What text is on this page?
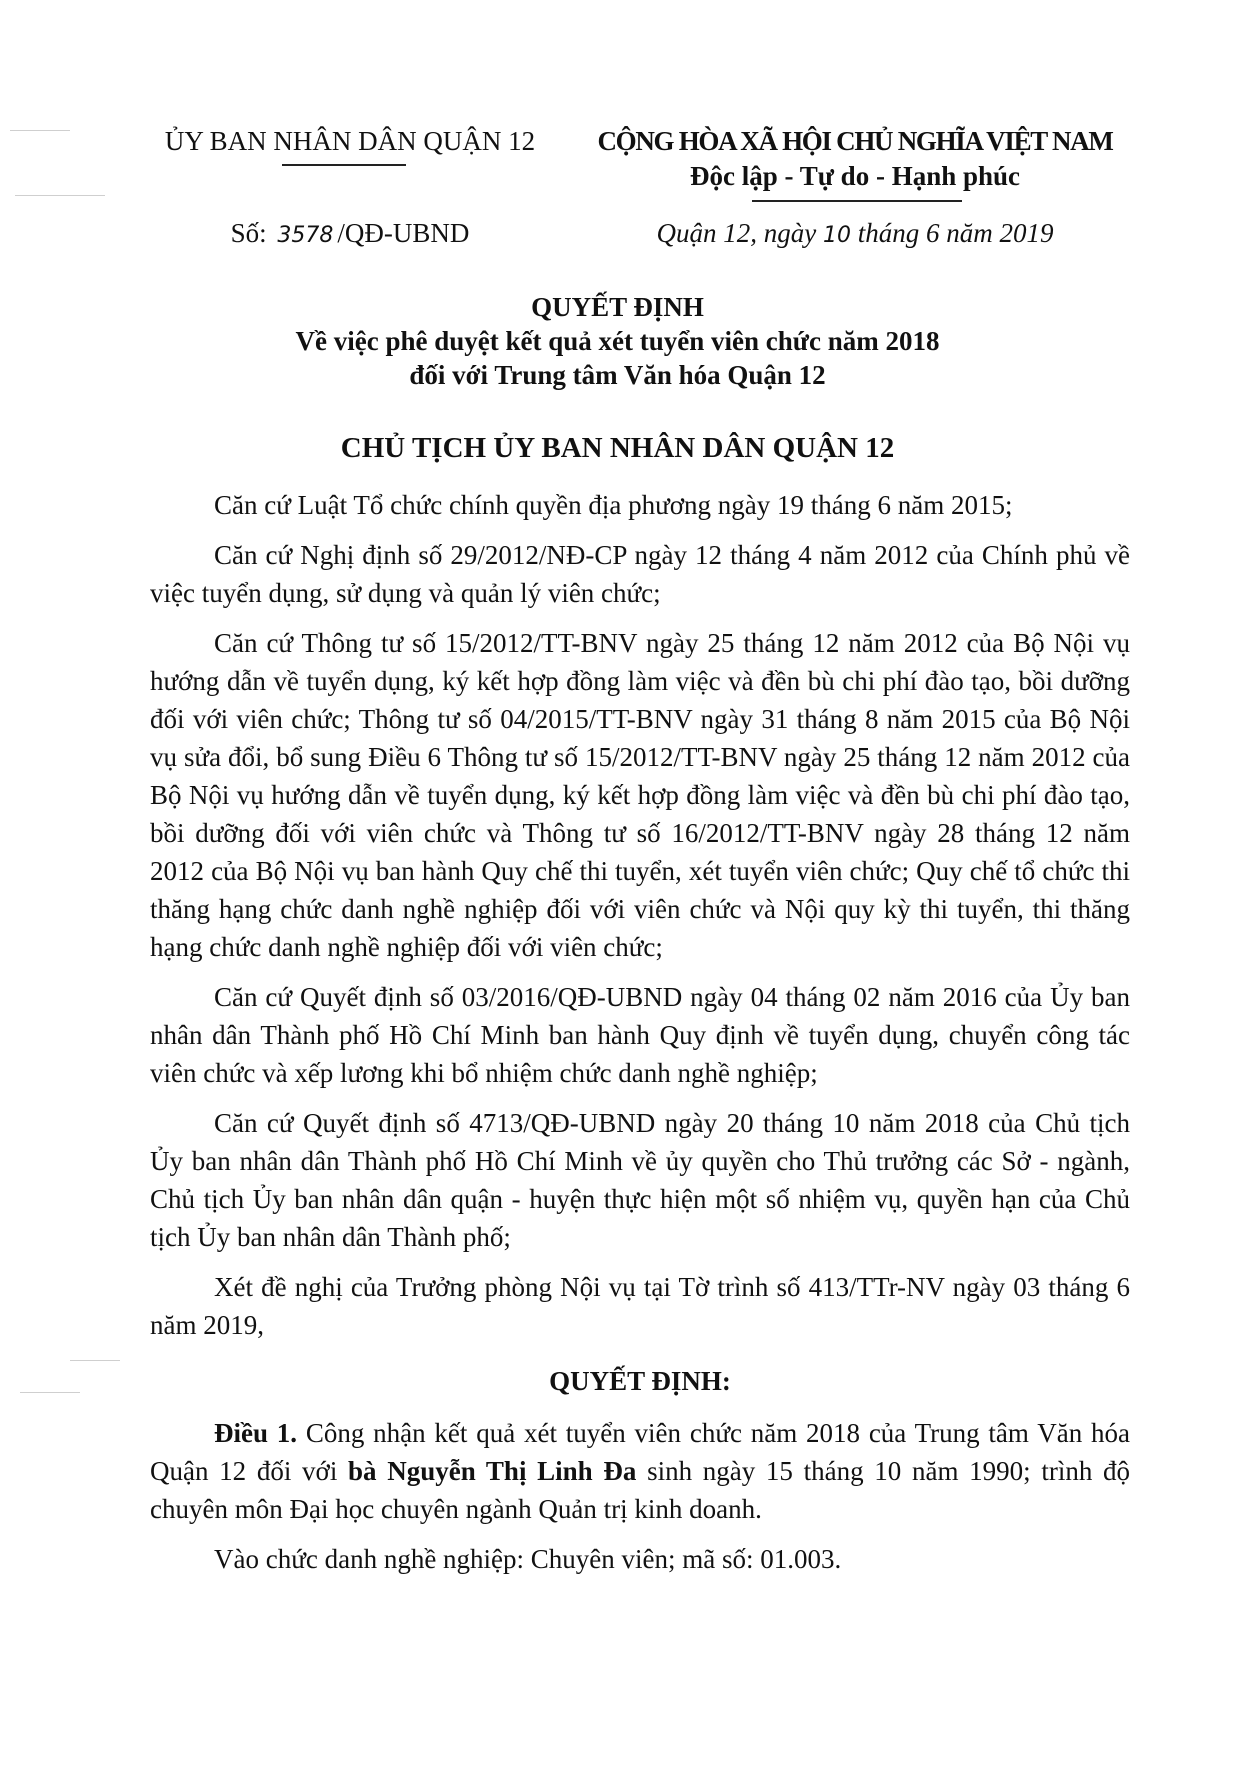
ỦY BAN NHÂN DÂN QUẬN 12	CỘNG HÒA XÃ HỘI CHỦ NGHĨA VIỆT NAM
Độc lập - Tự do - Hạnh phúc
Số: 3578 /QĐ-UBND	Quận 12, ngày 10 tháng 6 năm 2019
QUYẾT ĐỊNH
Về việc phê duyệt kết quả xét tuyển viên chức năm 2018
đối với Trung tâm Văn hóa Quận 12
CHỦ TỊCH ỦY BAN NHÂN DÂN QUẬN 12

Căn cứ Luật Tổ chức chính quyền địa phương ngày 19 tháng 6 năm 2015;

Căn cứ Nghị định số 29/2012/NĐ-CP ngày 12 tháng 4 năm 2012 của Chính phủ về việc tuyển dụng, sử dụng và quản lý viên chức;

Căn cứ Thông tư số 15/2012/TT-BNV ngày 25 tháng 12 năm 2012 của Bộ Nội vụ hướng dẫn về tuyển dụng, ký kết hợp đồng làm việc và đền bù chi phí đào tạo, bồi dưỡng đối với viên chức; Thông tư số 04/2015/TT-BNV ngày 31 tháng 8 năm 2015 của Bộ Nội vụ sửa đổi, bổ sung Điều 6 Thông tư số 15/2012/TT-BNV ngày 25 tháng 12 năm 2012 của Bộ Nội vụ hướng dẫn về tuyển dụng, ký kết hợp đồng làm việc và đền bù chi phí đào tạo, bồi dưỡng đối với viên chức và Thông tư số 16/2012/TT-BNV ngày 28 tháng 12 năm 2012 của Bộ Nội vụ ban hành Quy chế thi tuyển, xét tuyển viên chức; Quy chế tổ chức thi thăng hạng chức danh nghề nghiệp đối với viên chức và Nội quy kỳ thi tuyển, thi thăng hạng chức danh nghề nghiệp đối với viên chức;

Căn cứ Quyết định số 03/2016/QĐ-UBND ngày 04 tháng 02 năm 2016 của Ủy ban nhân dân Thành phố Hồ Chí Minh ban hành Quy định về tuyển dụng, chuyển công tác viên chức và xếp lương khi bổ nhiệm chức danh nghề nghiệp;

Căn cứ Quyết định số 4713/QĐ-UBND ngày 20 tháng 10 năm 2018 của Chủ tịch Ủy ban nhân dân Thành phố Hồ Chí Minh về ủy quyền cho Thủ trưởng các Sở - ngành, Chủ tịch Ủy ban nhân dân quận - huyện thực hiện một số nhiệm vụ, quyền hạn của Chủ tịch Ủy ban nhân dân Thành phố;

Xét đề nghị của Trưởng phòng Nội vụ tại Tờ trình số 413/TTr-NV ngày 03 tháng 6 năm 2019,

QUYẾT ĐỊNH:

Điều 1. Công nhận kết quả xét tuyển viên chức năm 2018 của Trung tâm Văn hóa Quận 12 đối với bà Nguyễn Thị Linh Đa sinh ngày 15 tháng 10 năm 1990; trình độ chuyên môn Đại học chuyên ngành Quản trị kinh doanh.

Vào chức danh nghề nghiệp: Chuyên viên; mã số: 01.003.
